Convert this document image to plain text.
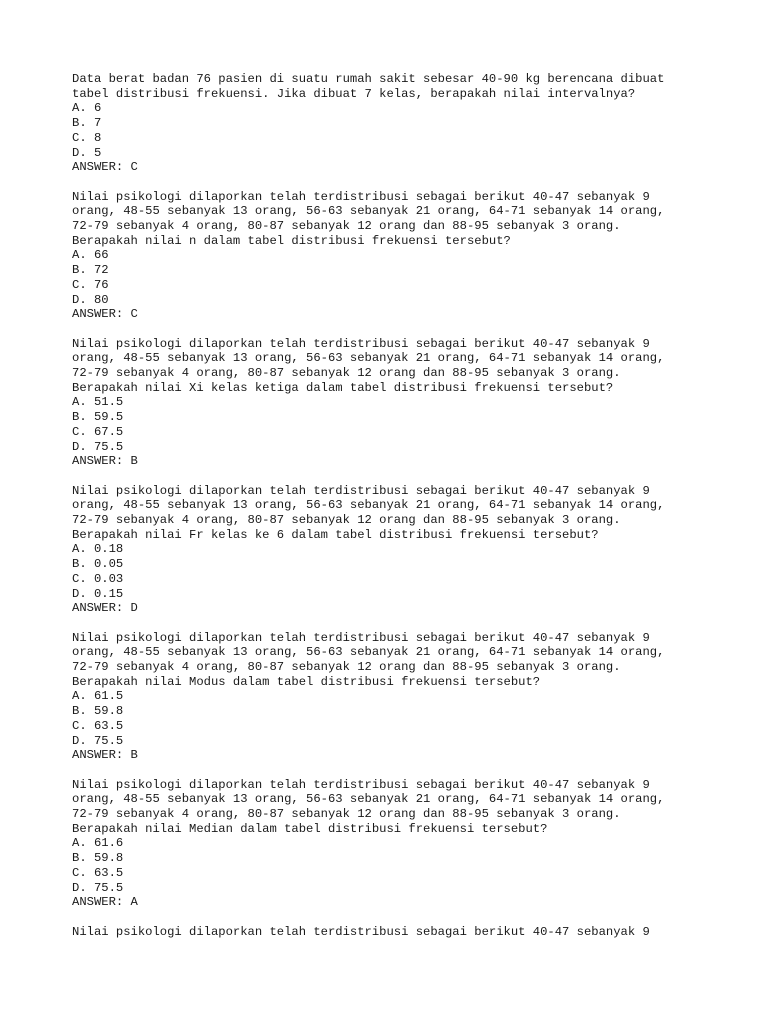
Data berat badan 76 pasien di suatu rumah sakit sebesar 40-90 kg berencana dibuat

tabel distribusi frekuensi. Jika dibuat 7 kelas, berapakah nilai intervalnya?

A. 6

B. 7

C. 8

D. 5

ANSWER: C

Nilai psikologi dilaporkan telah terdistribusi sebagai berikut 40-47 sebanyak 9

orang, 48-55 sebanyak 13 orang, 56-63 sebanyak 21 orang, 64-71 sebanyak 14 orang,

72-79 sebanyak 4 orang, 80-87 sebanyak 12 orang dan 88-95 sebanyak 3 orang.

Berapakah nilai n dalam tabel distribusi frekuensi tersebut?

A. 66

B. 72

C. 76

D. 80

ANSWER: C

Nilai psikologi dilaporkan telah terdistribusi sebagai berikut 40-47 sebanyak 9

orang, 48-55 sebanyak 13 orang, 56-63 sebanyak 21 orang, 64-71 sebanyak 14 orang,

72-79 sebanyak 4 orang, 80-87 sebanyak 12 orang dan 88-95 sebanyak 3 orang.

Berapakah nilai Xi kelas ketiga dalam tabel distribusi frekuensi tersebut?

A. 51.5

B. 59.5

C. 67.5

D. 75.5

ANSWER: B

Nilai psikologi dilaporkan telah terdistribusi sebagai berikut 40-47 sebanyak 9

orang, 48-55 sebanyak 13 orang, 56-63 sebanyak 21 orang, 64-71 sebanyak 14 orang,

72-79 sebanyak 4 orang, 80-87 sebanyak 12 orang dan 88-95 sebanyak 3 orang.

Berapakah nilai Fr kelas ke 6 dalam tabel distribusi frekuensi tersebut?

A. 0.18

B. 0.05

C. 0.03

D. 0.15

ANSWER: D

Nilai psikologi dilaporkan telah terdistribusi sebagai berikut 40-47 sebanyak 9

orang, 48-55 sebanyak 13 orang, 56-63 sebanyak 21 orang, 64-71 sebanyak 14 orang,

72-79 sebanyak 4 orang, 80-87 sebanyak 12 orang dan 88-95 sebanyak 3 orang.

Berapakah nilai Modus dalam tabel distribusi frekuensi tersebut?

A. 61.5

B. 59.8

C. 63.5

D. 75.5

ANSWER: B

Nilai psikologi dilaporkan telah terdistribusi sebagai berikut 40-47 sebanyak 9

orang, 48-55 sebanyak 13 orang, 56-63 sebanyak 21 orang, 64-71 sebanyak 14 orang,

72-79 sebanyak 4 orang, 80-87 sebanyak 12 orang dan 88-95 sebanyak 3 orang.

Berapakah nilai Median dalam tabel distribusi frekuensi tersebut?

A. 61.6

B. 59.8

C. 63.5

D. 75.5

ANSWER: A

Nilai psikologi dilaporkan telah terdistribusi sebagai berikut 40-47 sebanyak 9
